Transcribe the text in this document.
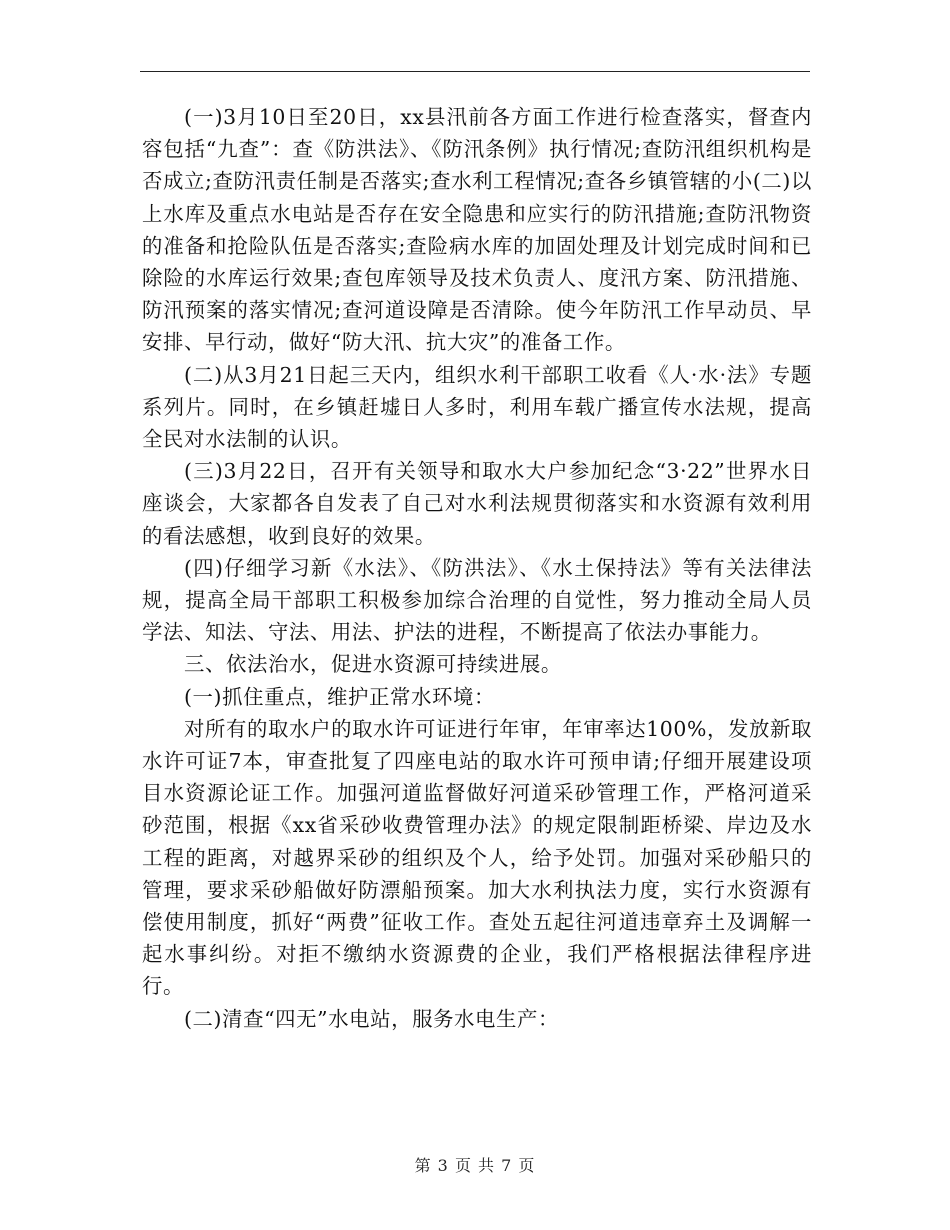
(一)3月10日至20日，xx县汛前各方面工作进行检查落实，督查内容包括“九查”：查《防洪法》、《防汛条例》执行情况;查防汛组织机构是否成立;查防汛责任制是否落实;查水利工程情况;查各乡镇管辖的小(二)以上水库及重点水电站是否存在安全隐患和应实行的防汛措施;查防汛物资的准备和抢险队伍是否落实;查险病水库的加固处理及计划完成时间和已除险的水库运行效果;查包库领导及技术负责人、度汛方案、防汛措施、防汛预案的落实情况;查河道设障是否清除。使今年防汛工作早动员、早安排、早行动，做好“防大汛、抗大灾”的准备工作。

(二)从3月21日起三天内，组织水利干部职工收看《人·水·法》专题系列片。同时，在乡镇赶墟日人多时，利用车载广播宣传水法规，提高全民对水法制的认识。

(三)3月22日，召开有关领导和取水大户参加纪念“3·22”世界水日座谈会，大家都各自发表了自己对水利法规贯彻落实和水资源有效利用的看法感想，收到良好的效果。

(四)仔细学习新《水法》、《防洪法》、《水土保持法》等有关法律法规，提高全局干部职工积极参加综合治理的自觉性，努力推动全局人员学法、知法、守法、用法、护法的进程，不断提高了依法办事能力。

三、依法治水，促进水资源可持续进展。

(一)抓住重点，维护正常水环境：

对所有的取水户的取水许可证进行年审，年审率达100%，发放新取水许可证7本，审查批复了四座电站的取水许可预申请;仔细开展建设项目水资源论证工作。加强河道监督做好河道采砂管理工作，严格河道采砂范围，根据《xx省采砂收费管理办法》的规定限制距桥梁、岸边及水工程的距离，对越界采砂的组织及个人，给予处罚。加强对采砂船只的管理，要求采砂船做好防漂船预案。加大水利执法力度，实行水资源有偿使用制度，抓好“两费”征收工作。查处五起往河道违章弃土及调解一起水事纠纷。对拒不缴纳水资源费的企业，我们严格根据法律程序进行。

(二)清查“四无”水电站，服务水电生产：

第 3 页 共 7 页
